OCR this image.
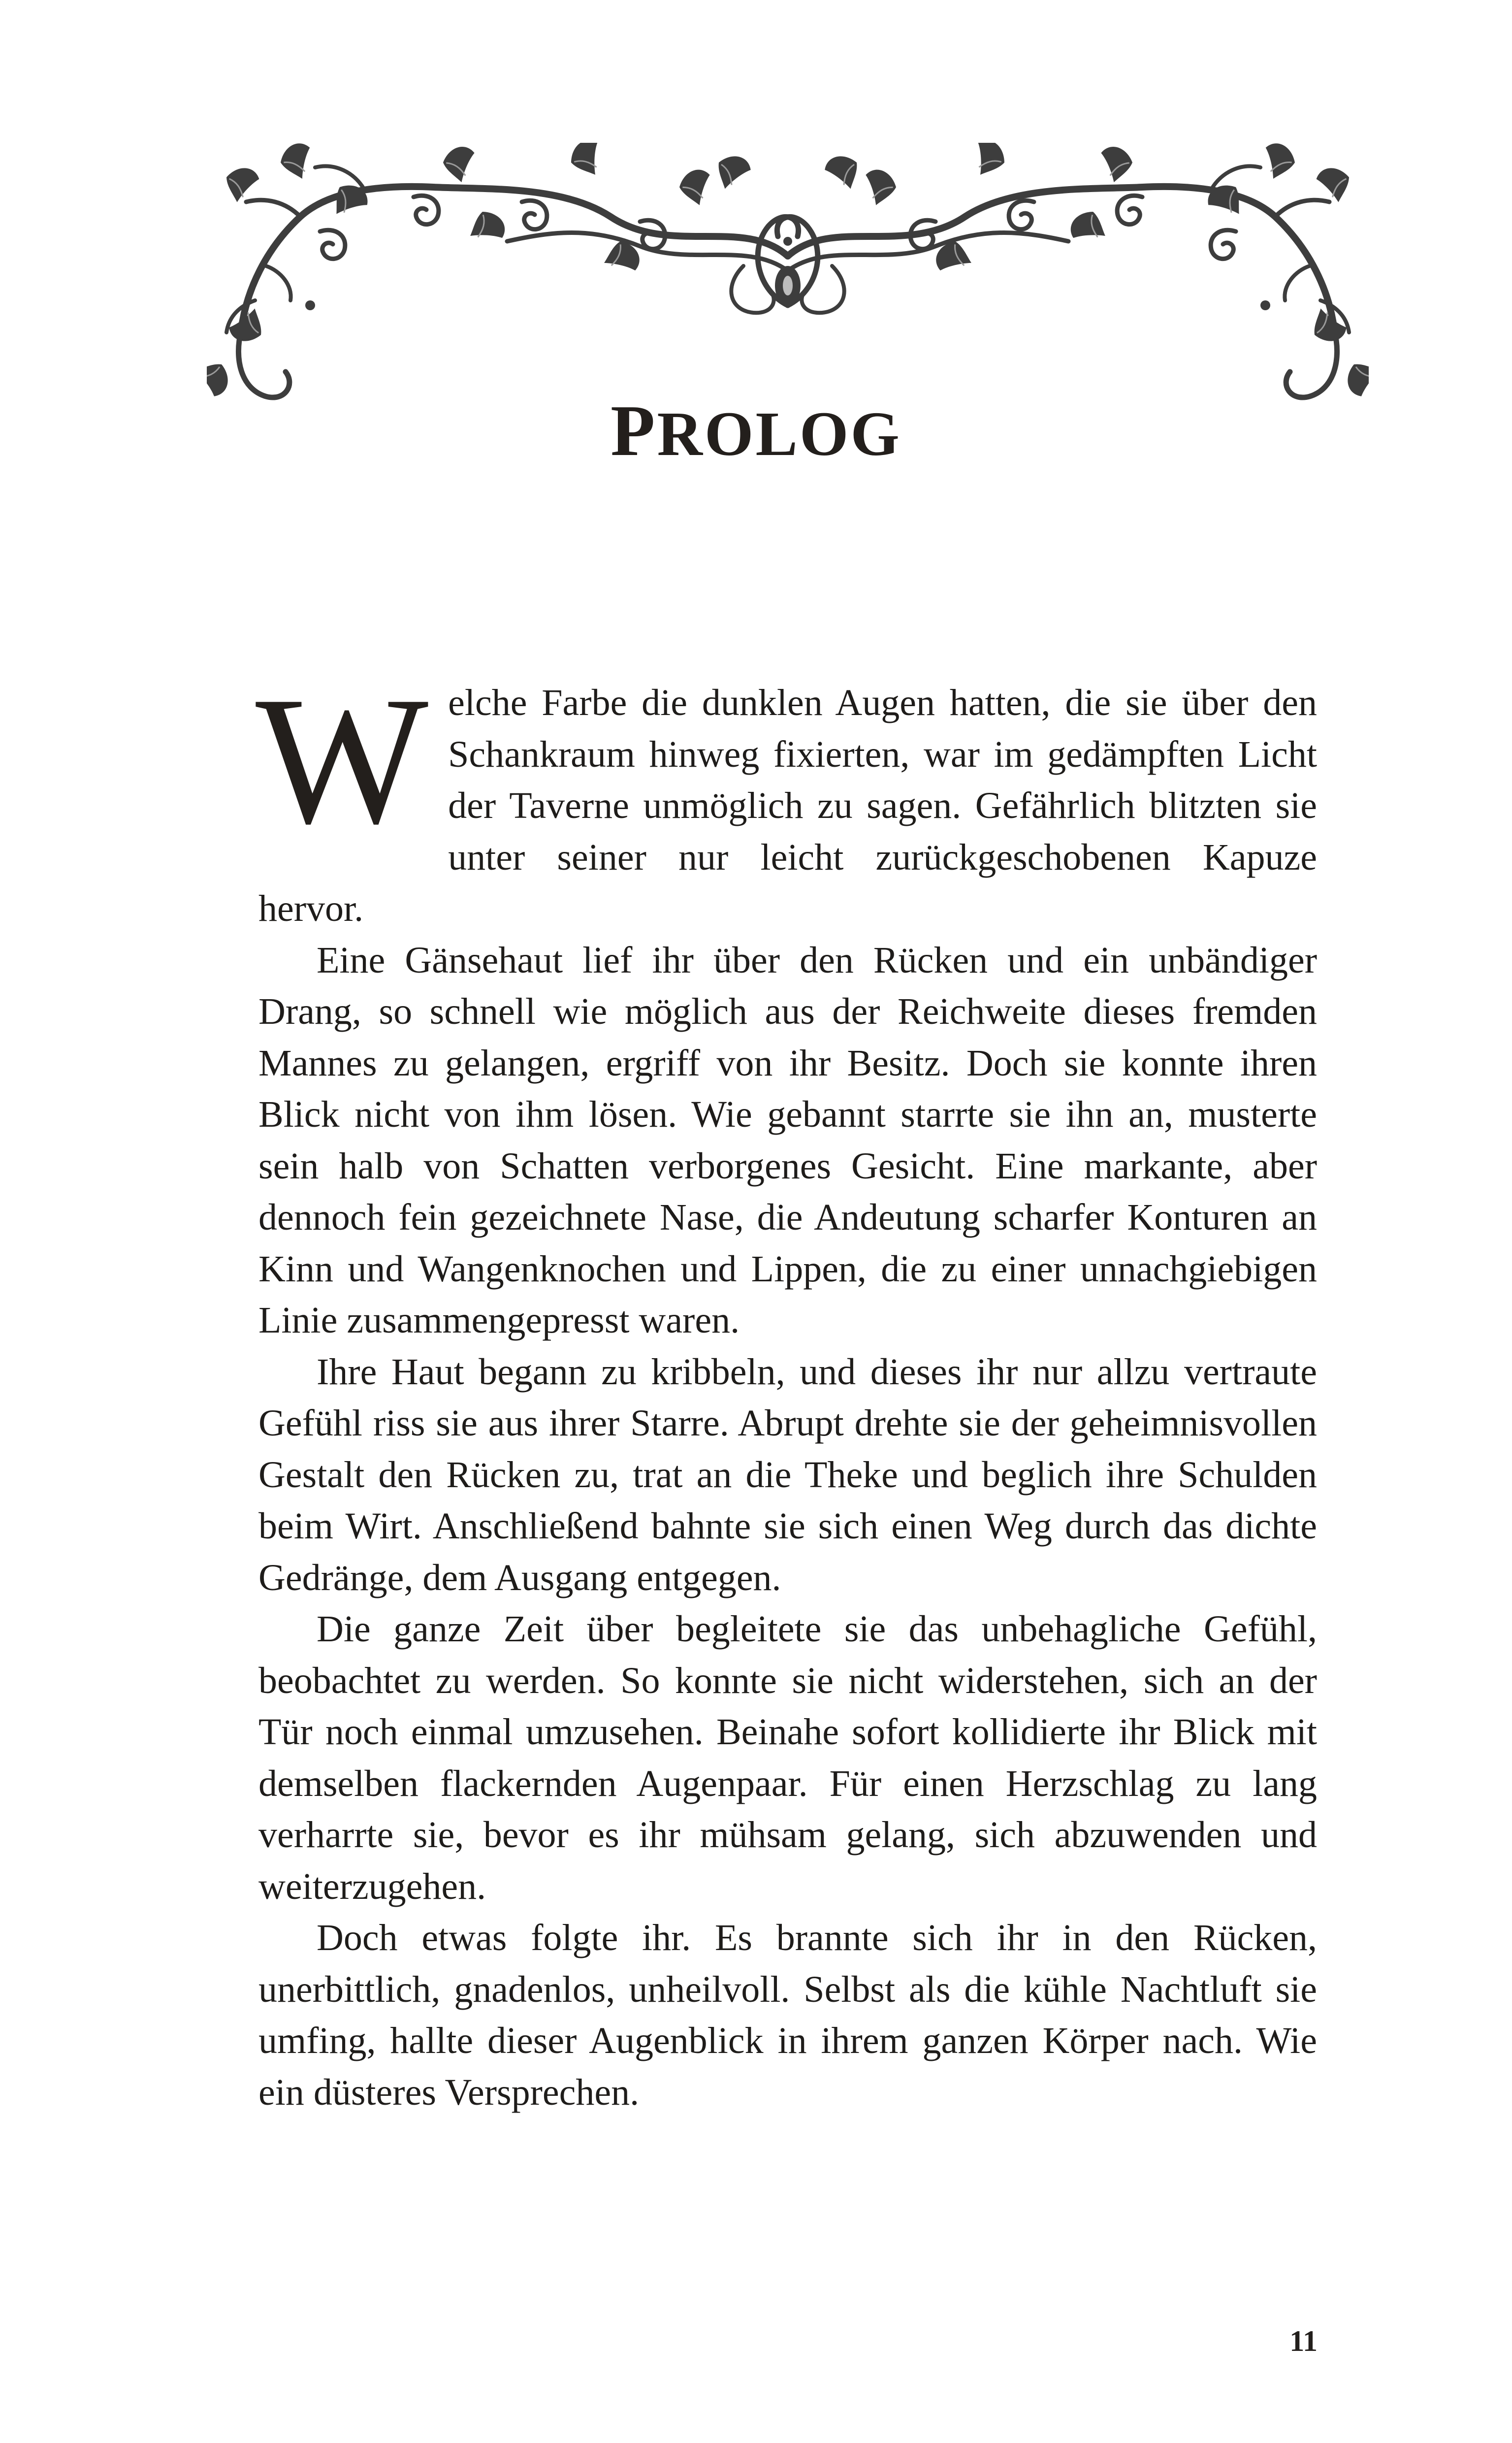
PROLOG

Welche Farbe die dunklen Augen hatten, die sie über den Schankraum hinweg fixierten, war im gedämpften Licht der Taverne unmöglich zu sagen. Gefährlich blitzten sie unter seiner nur leicht zurückgeschobenen Kapuze hervor.

Eine Gänsehaut lief ihr über den Rücken und ein unbändiger Drang, so schnell wie möglich aus der Reichweite dieses fremden Mannes zu gelangen, ergriff von ihr Besitz. Doch sie konnte ihren Blick nicht von ihm lösen. Wie gebannt starrte sie ihn an, musterte sein halb von Schatten verborgenes Gesicht. Eine markante, aber dennoch fein gezeichnete Nase, die Andeutung scharfer Konturen an Kinn und Wangenknochen und Lippen, die zu einer unnachgiebigen Linie zusammengepresst waren.

Ihre Haut begann zu kribbeln, und dieses ihr nur allzu vertraute Gefühl riss sie aus ihrer Starre. Abrupt drehte sie der geheimnisvollen Gestalt den Rücken zu, trat an die Theke und beglich ihre Schulden beim Wirt. Anschließend bahnte sie sich einen Weg durch das dichte Gedränge, dem Ausgang entgegen.

Die ganze Zeit über begleitete sie das unbehagliche Gefühl, beobachtet zu werden. So konnte sie nicht widerstehen, sich an der Tür noch einmal umzusehen. Beinahe sofort kollidierte ihr Blick mit demselben flackernden Augenpaar. Für einen Herzschlag zu lang verharrte sie, bevor es ihr mühsam gelang, sich abzuwenden und weiterzugehen.

Doch etwas folgte ihr. Es brannte sich ihr in den Rücken, unerbittlich, gnadenlos, unheilvoll. Selbst als die kühle Nachtluft sie umfing, hallte dieser Augenblick in ihrem ganzen Körper nach. Wie ein düsteres Versprechen.

11
